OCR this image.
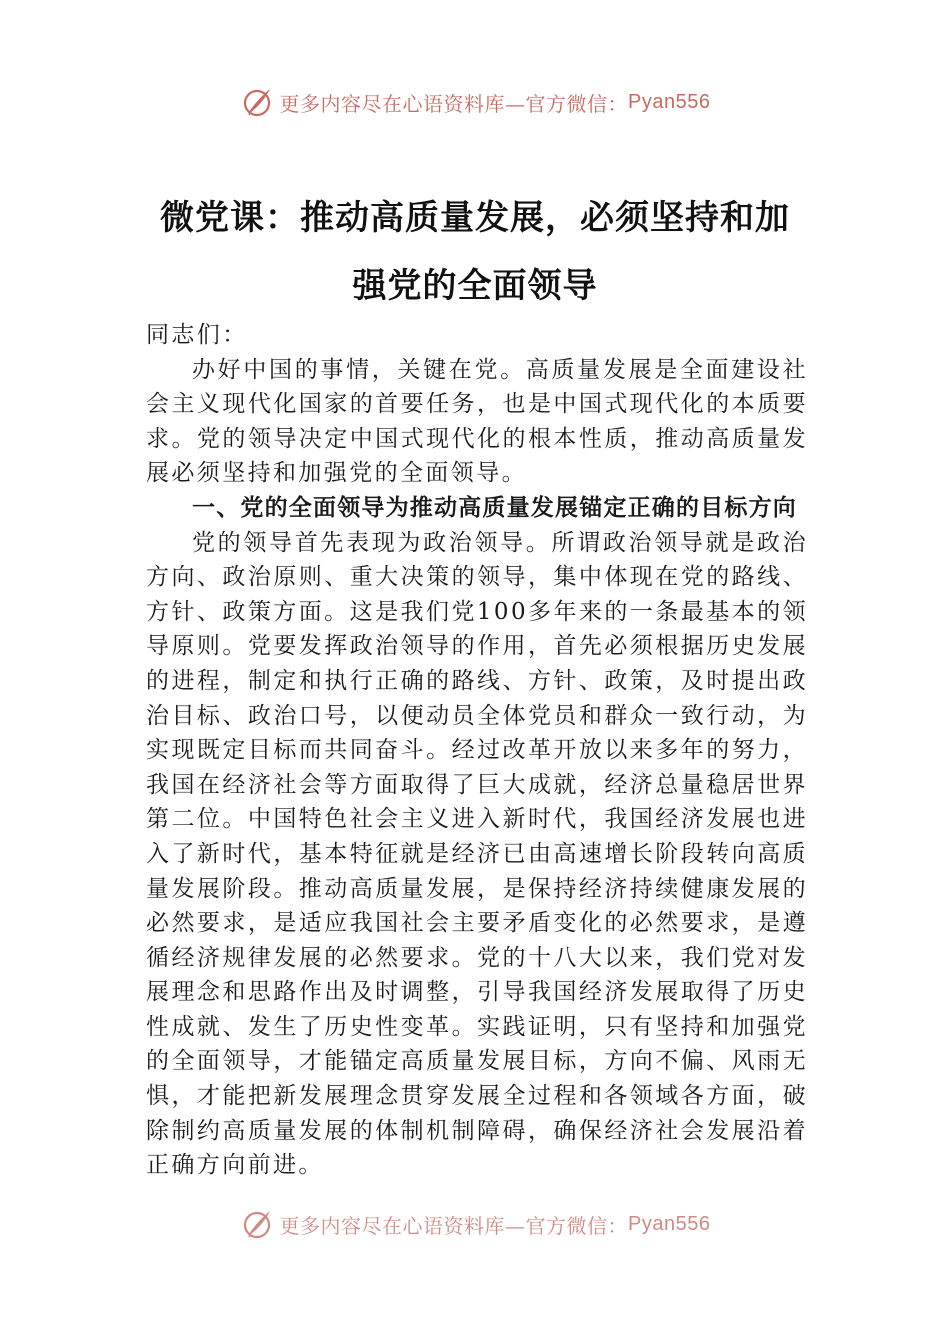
更多内容尽在心语资料库—官方微信： Pyan556
微党课：推动高质量发展，必须坚持和加
强党的全面领导

同志们：

办好中国的事情，关键在党。高质量发展是全面建设社会主义现代化国家的首要任务，也是中国式现代化的本质要求。党的领导决定中国式现代化的根本性质，推动高质量发展必须坚持和加强党的全面领导。

一、党的全面领导为推动高质量发展锚定正确的目标方向

党的领导首先表现为政治领导。所谓政治领导就是政治方向、政治原则、重大决策的领导，集中体现在党的路线、方针、政策方面。这是我们党100多年来的一条最基本的领导原则。党要发挥政治领导的作用，首先必须根据历史发展的进程，制定和执行正确的路线、方针、政策，及时提出政治目标、政治口号，以便动员全体党员和群众一致行动，为实现既定目标而共同奋斗。经过改革开放以来多年的努力，我国在经济社会等方面取得了巨大成就，经济总量稳居世界第二位。中国特色社会主义进入新时代，我国经济发展也进入了新时代，基本特征就是经济已由高速增长阶段转向高质量发展阶段。推动高质量发展，是保持经济持续健康发展的必然要求，是适应我国社会主要矛盾变化的必然要求，是遵循经济规律发展的必然要求。党的十八大以来，我们党对发展理念和思路作出及时调整，引导我国经济发展取得了历史性成就、发生了历史性变革。实践证明，只有坚持和加强党的全面领导，才能锚定高质量发展目标，方向不偏、风雨无惧，才能把新发展理念贯穿发展全过程和各领域各方面，破除制约高质量发展的体制机制障碍，确保经济社会发展沿着正确方向前进。

更多内容尽在心语资料库—官方微信： Pyan556
